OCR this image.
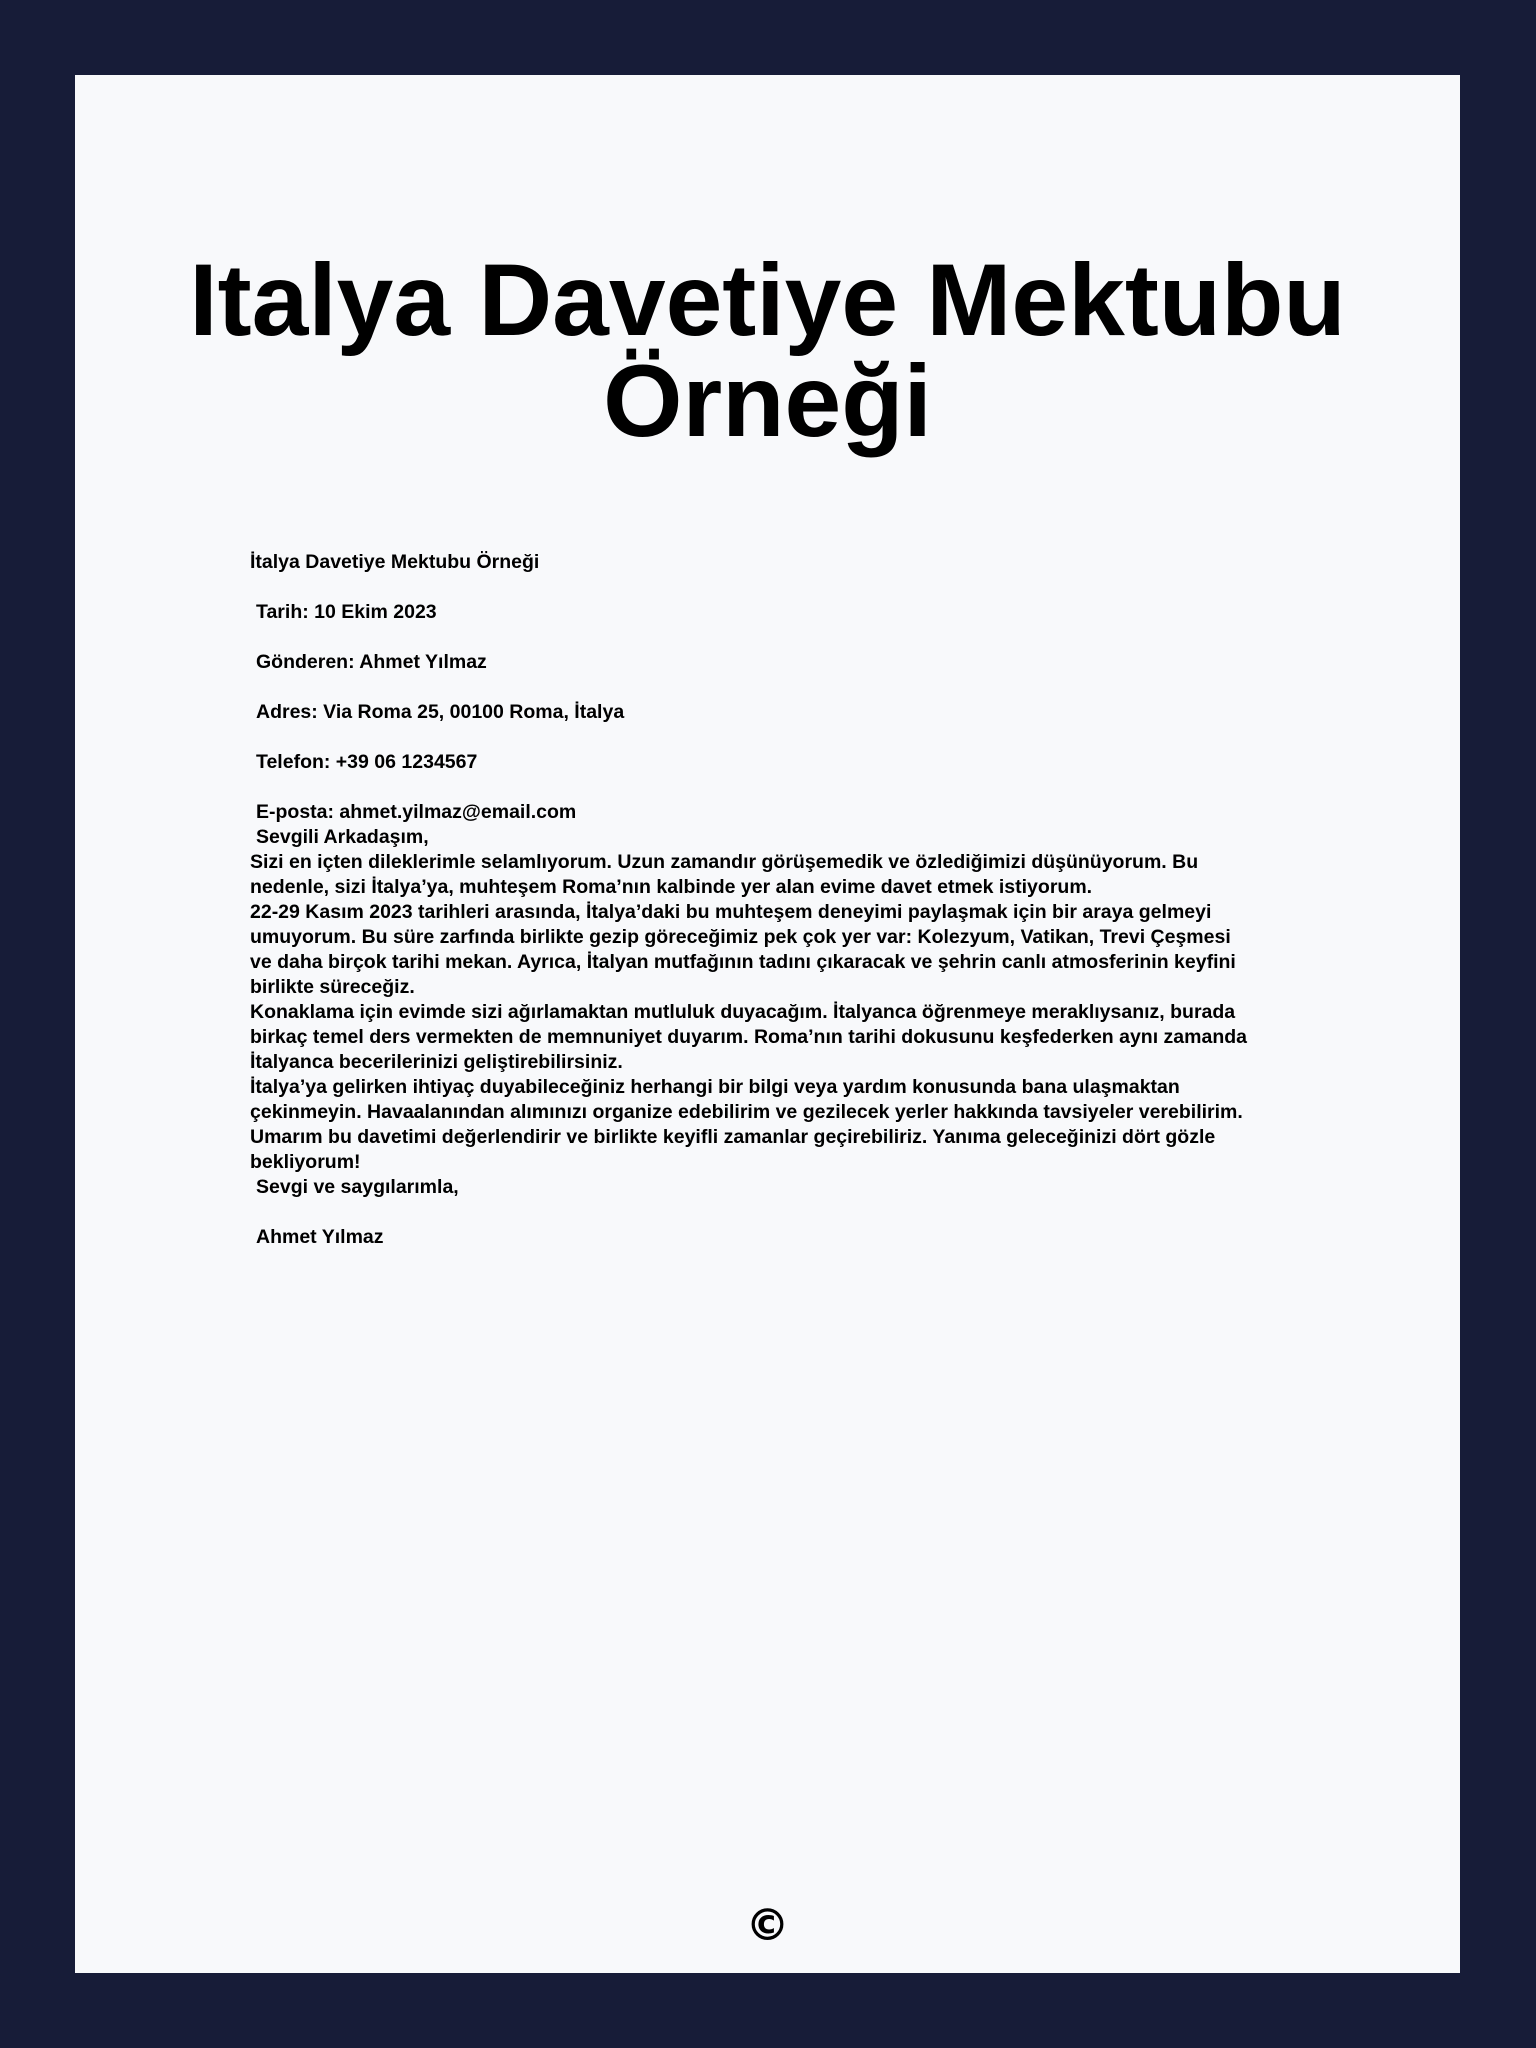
Italya Davetiye Mektubu
Örneği
İtalya Davetiye Mektubu Örneği
Tarih: 10 Ekim 2023
Gönderen: Ahmet Yılmaz
Adres: Via Roma 25, 00100 Roma, İtalya
Telefon: +39 06 1234567
E-posta: ahmet.yilmaz@email.com
Sevgili Arkadaşım,

Sizi en içten dileklerimle selamlıyorum. Uzun zamandır görüşemedik ve özlediğimizi düşünüyorum. Bu
nedenle, sizi İtalya’ya, muhteşem Roma’nın kalbinde yer alan evime davet etmek istiyorum.

22-29 Kasım 2023 tarihleri arasında, İtalya’daki bu muhteşem deneyimi paylaşmak için bir araya gelmeyi
umuyorum. Bu süre zarfında birlikte gezip göreceğimiz pek çok yer var: Kolezyum, Vatikan, Trevi Çeşmesi
ve daha birçok tarihi mekan. Ayrıca, İtalyan mutfağının tadını çıkaracak ve şehrin canlı atmosferinin keyfini
birlikte süreceğiz.

Konaklama için evimde sizi ağırlamaktan mutluluk duyacağım. İtalyanca öğrenmeye meraklıysanız, burada
birkaç temel ders vermekten de memnuniyet duyarım. Roma’nın tarihi dokusunu keşfederken aynı zamanda
İtalyanca becerilerinizi geliştirebilirsiniz.

İtalya’ya gelirken ihtiyaç duyabileceğiniz herhangi bir bilgi veya yardım konusunda bana ulaşmaktan
çekinmeyin. Havaalanından alımınızı organize edebilirim ve gezilecek yerler hakkında tavsiyeler verebilirim.
Umarım bu davetimi değerlendirir ve birlikte keyifli zamanlar geçirebiliriz. Yanıma geleceğinizi dört gözle
bekliyorum!

Sevgi ve saygılarımla,
Ahmet Yılmaz
©
